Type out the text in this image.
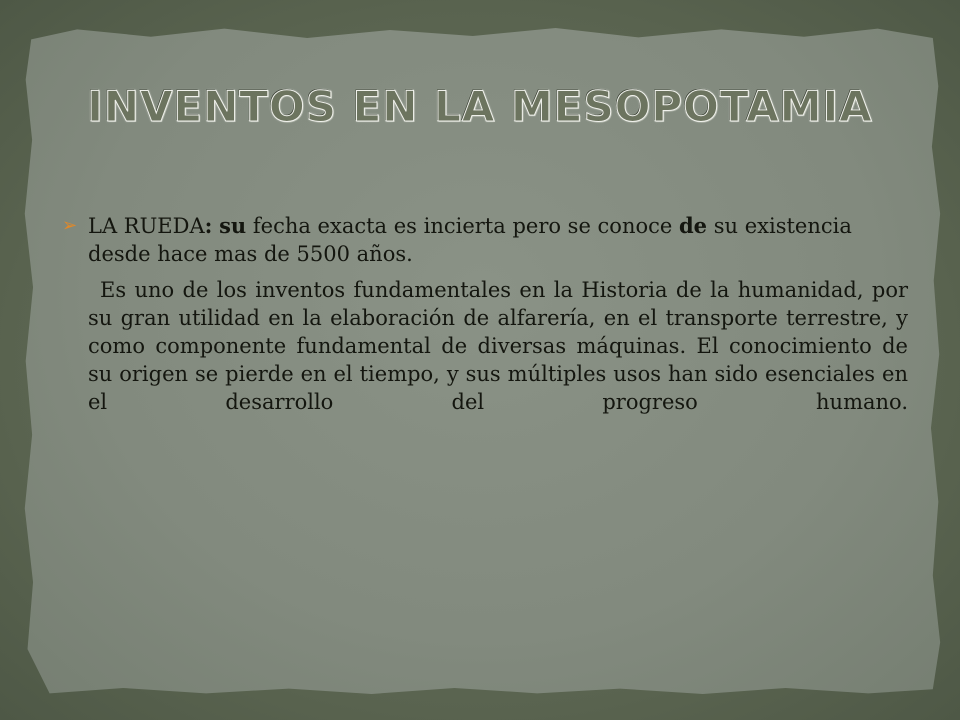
INVENTOS EN LA MESOPOTAMIA
➢ LA RUEDA: su fecha exacta es incierta pero se conoce de su existencia desde hace mas de 5500 años.
Es uno de los inventos fundamentales en la Historia de la humanidad, por su gran utilidad en la elaboración de alfarería, en el transporte terrestre, y como componente fundamental de diversas máquinas. El conocimiento de su origen se pierde en el tiempo, y sus múltiples usos han sido esenciales en el desarrollo del progreso humano.
